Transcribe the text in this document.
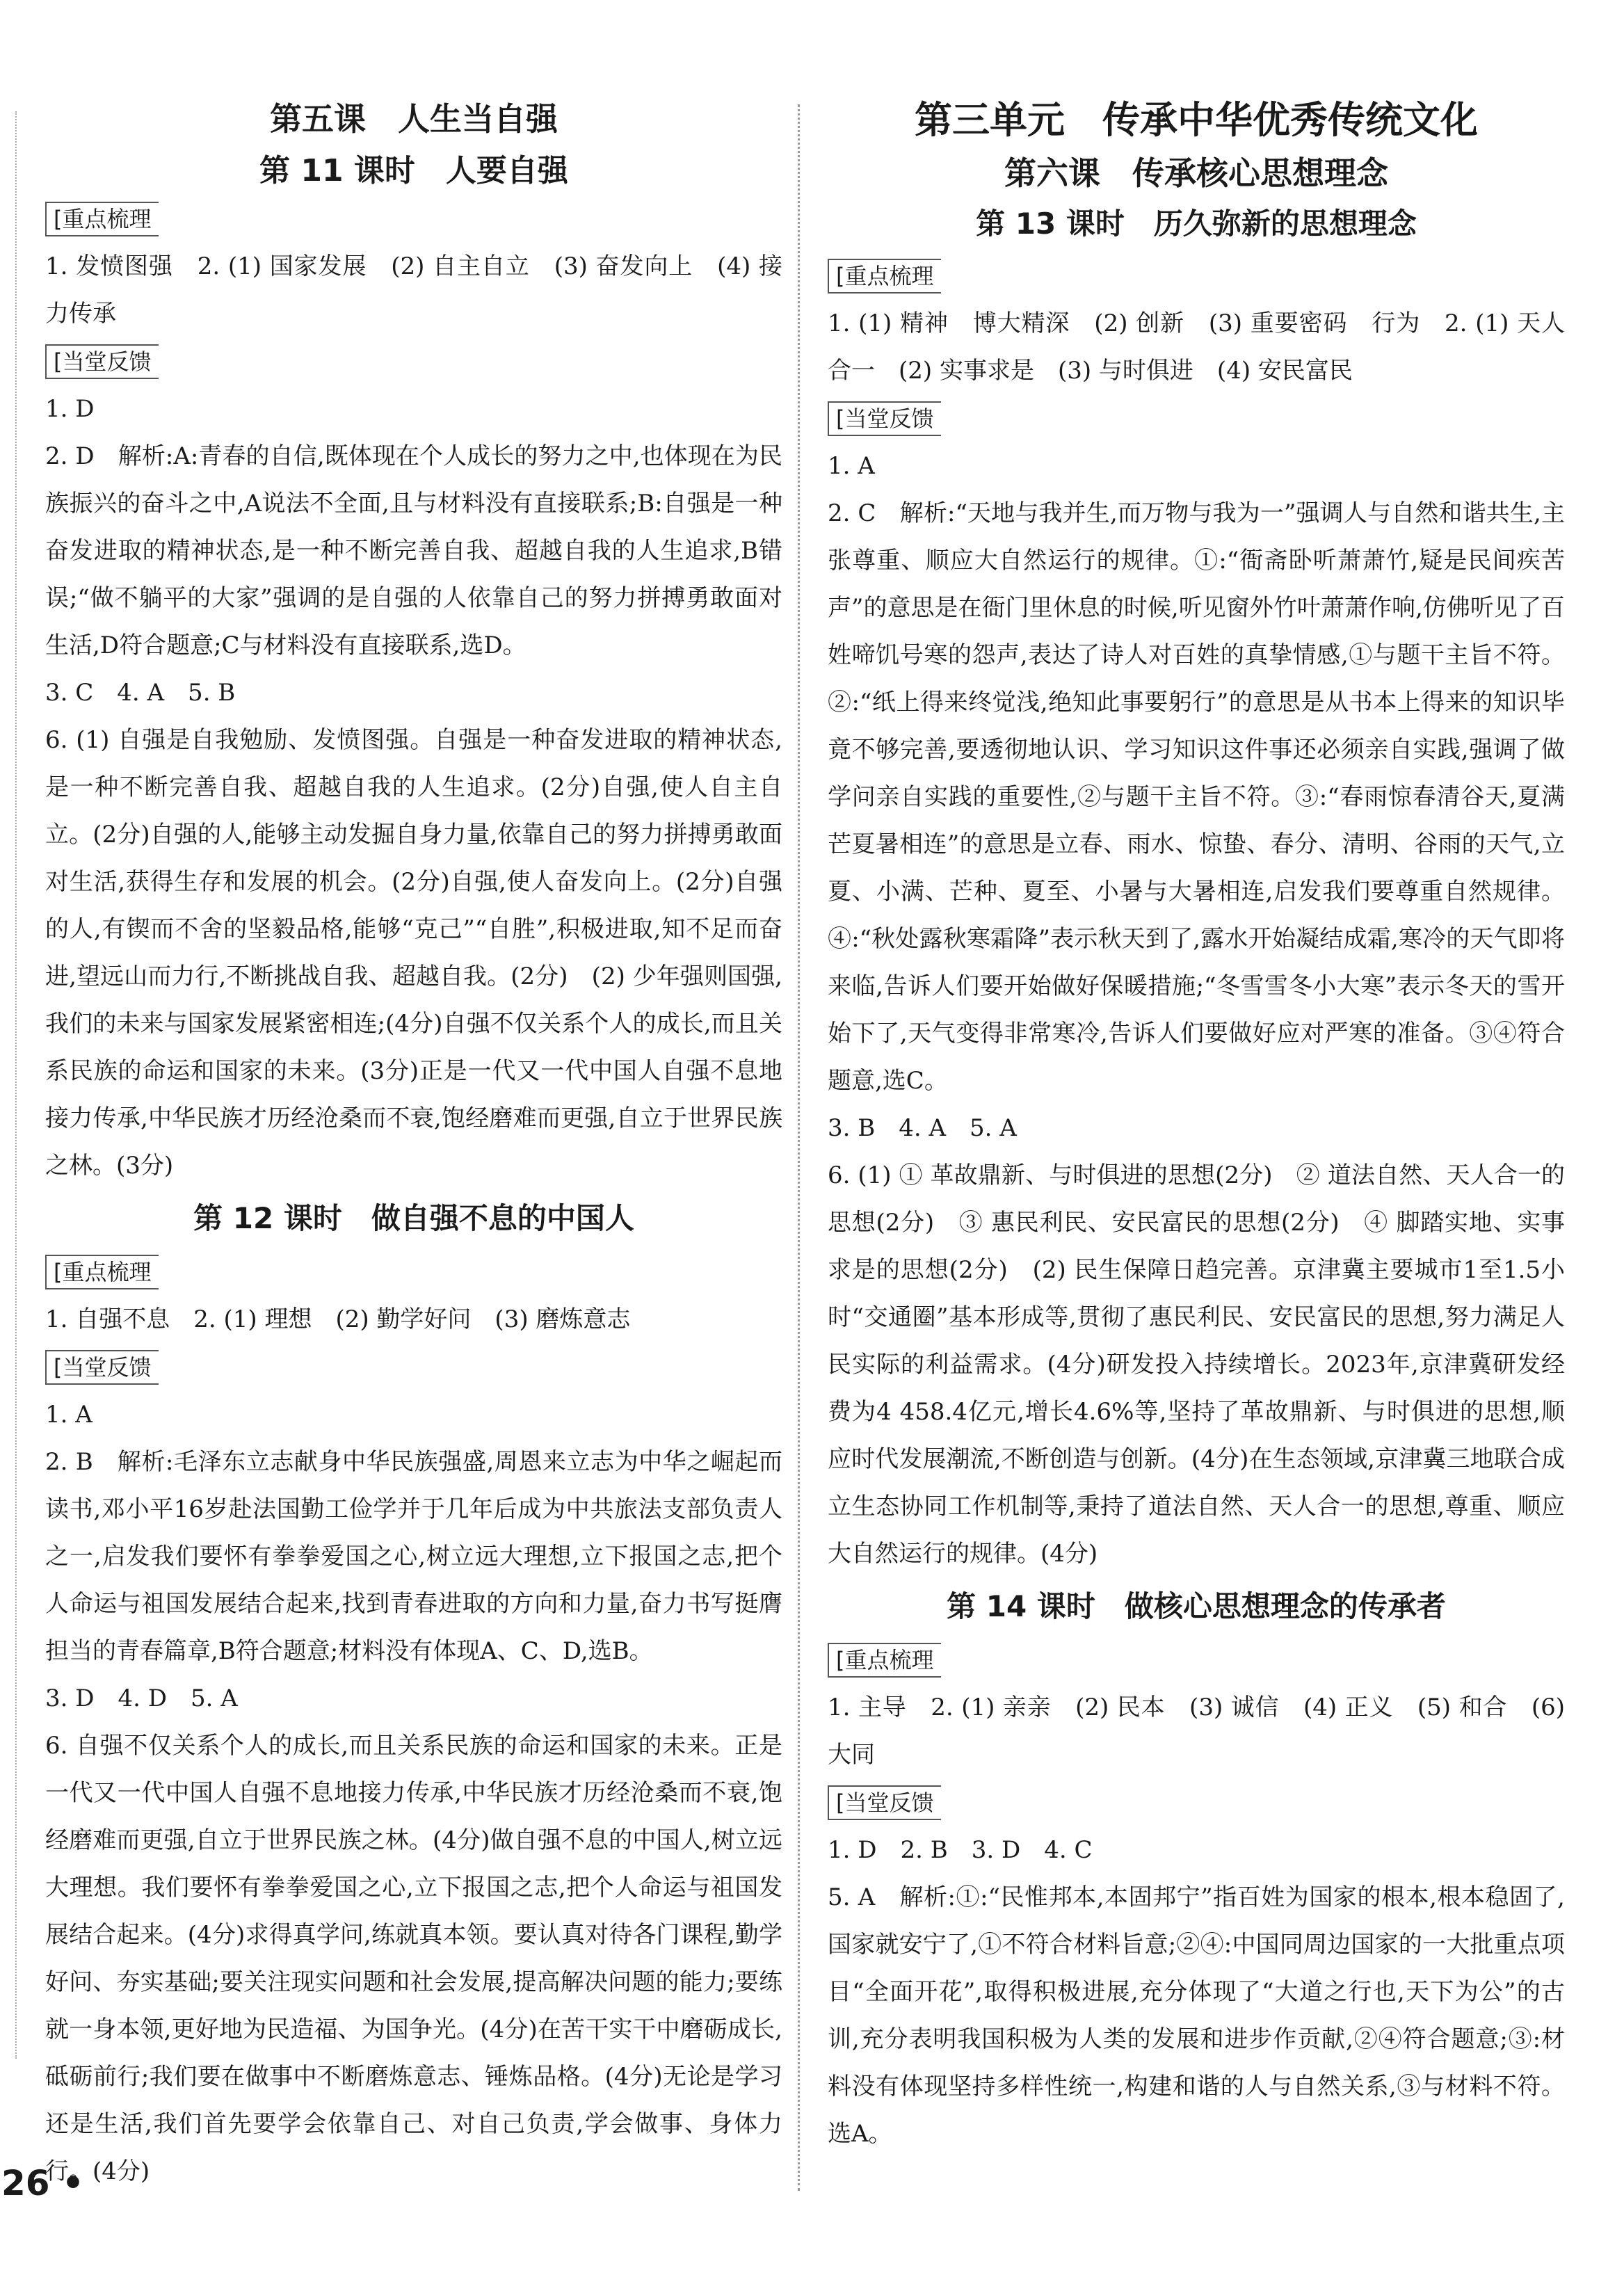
第五课　人生当自强
第 11 课时　人要自强
[重点梳理

1. 发愤图强　2. (1) 国家发展　(2) 自主自立　(3) 奋发向上　(4) 接力传承

[当堂反馈

1. D

2. D　解析:A:青春的自信,既体现在个人成长的努力之中,也体现在为民族振兴的奋斗之中,A说法不全面,且与材料没有直接联系;B:自强是一种奋发进取的精神状态,是一种不断完善自我、超越自我的人生追求,B错误;“做不躺平的大家”强调的是自强的人依靠自己的努力拼搏勇敢面对生活,D符合题意;C与材料没有直接联系,选D。

3. C　4. A　5. B

6. (1) 自强是自我勉励、发愤图强。自强是一种奋发进取的精神状态,是一种不断完善自我、超越自我的人生追求。(2分)自强,使人自主自立。(2分)自强的人,能够主动发掘自身力量,依靠自己的努力拼搏勇敢面对生活,获得生存和发展的机会。(2分)自强,使人奋发向上。(2分)自强的人,有锲而不舍的坚毅品格,能够“克己”“自胜”,积极进取,知不足而奋进,望远山而力行,不断挑战自我、超越自我。(2分)　(2) 少年强则国强,我们的未来与国家发展紧密相连;(4分)自强不仅关系个人的成长,而且关系民族的命运和国家的未来。(3分)正是一代又一代中国人自强不息地接力传承,中华民族才历经沧桑而不衰,饱经磨难而更强,自立于世界民族之林。(3分)

第 12 课时　做自强不息的中国人
[重点梳理

1. 自强不息　2. (1) 理想　(2) 勤学好问　(3) 磨炼意志

[当堂反馈

1. A

2. B　解析:毛泽东立志献身中华民族强盛,周恩来立志为中华之崛起而读书,邓小平16岁赴法国勤工俭学并于几年后成为中共旅法支部负责人之一,启发我们要怀有拳拳爱国之心,树立远大理想,立下报国之志,把个人命运与祖国发展结合起来,找到青春进取的方向和力量,奋力书写挺膺担当的青春篇章,B符合题意;材料没有体现A、C、D,选B。

3. D　4. D　5. A

6. 自强不仅关系个人的成长,而且关系民族的命运和国家的未来。正是一代又一代中国人自强不息地接力传承,中华民族才历经沧桑而不衰,饱经磨难而更强,自立于世界民族之林。(4分)做自强不息的中国人,树立远大理想。我们要怀有拳拳爱国之心,立下报国之志,把个人命运与祖国发展结合起来。(4分)求得真学问,练就真本领。要认真对待各门课程,勤学好问、夯实基础;要关注现实问题和社会发展,提高解决问题的能力;要练就一身本领,更好地为民造福、为国争光。(4分)在苦干实干中磨砺成长,砥砺前行;我们要在做事中不断磨炼意志、锤炼品格。(4分)无论是学习还是生活,我们首先要学会依靠自己、对自己负责,学会做事、身体力行。(4分)

第三单元　传承中华优秀传统文化
第六课　传承核心思想理念
第 13 课时　历久弥新的思想理念
[重点梳理

1. (1) 精神　博大精深　(2) 创新　(3) 重要密码　行为　2. (1) 天人合一　(2) 实事求是　(3) 与时俱进　(4) 安民富民

[当堂反馈

1. A

2. C　解析:“天地与我并生,而万物与我为一”强调人与自然和谐共生,主张尊重、顺应大自然运行的规律。①:“衙斋卧听萧萧竹,疑是民间疾苦声”的意思是在衙门里休息的时候,听见窗外竹叶萧萧作响,仿佛听见了百姓啼饥号寒的怨声,表达了诗人对百姓的真挚情感,①与题干主旨不符。②:“纸上得来终觉浅,绝知此事要躬行”的意思是从书本上得来的知识毕竟不够完善,要透彻地认识、学习知识这件事还必须亲自实践,强调了做学问亲自实践的重要性,②与题干主旨不符。③:“春雨惊春清谷天,夏满芒夏暑相连”的意思是立春、雨水、惊蛰、春分、清明、谷雨的天气,立夏、小满、芒种、夏至、小暑与大暑相连,启发我们要尊重自然规律。④:“秋处露秋寒霜降”表示秋天到了,露水开始凝结成霜,寒冷的天气即将来临,告诉人们要开始做好保暖措施;“冬雪雪冬小大寒”表示冬天的雪开始下了,天气变得非常寒冷,告诉人们要做好应对严寒的准备。③④符合题意,选C。

3. B　4. A　5. A

6. (1) ① 革故鼎新、与时俱进的思想(2分)　② 道法自然、天人合一的思想(2分)　③ 惠民利民、安民富民的思想(2分)　④ 脚踏实地、实事求是的思想(2分)　(2) 民生保障日趋完善。京津冀主要城市1至1.5小时“交通圈”基本形成等,贯彻了惠民利民、安民富民的思想,努力满足人民实际的利益需求。(4分)研发投入持续增长。2023年,京津冀研发经费为4 458.4亿元,增长4.6%等,坚持了革故鼎新、与时俱进的思想,顺应时代发展潮流,不断创造与创新。(4分)在生态领域,京津冀三地联合成立生态协同工作机制等,秉持了道法自然、天人合一的思想,尊重、顺应大自然运行的规律。(4分)

第 14 课时　做核心思想理念的传承者
[重点梳理

1. 主导　2. (1) 亲亲　(2) 民本　(3) 诚信　(4) 正义　(5) 和合　(6) 大同

[当堂反馈

1. D　2. B　3. D　4. C

5. A　解析:①:“民惟邦本,本固邦宁”指百姓为国家的根本,根本稳固了,国家就安宁了,①不符合材料旨意;②④:中国同周边国家的一大批重点项目“全面开花”,取得积极进展,充分体现了“大道之行也,天下为公”的古训,充分表明我国积极为人类的发展和进步作贡献,②④符合题意;③:材料没有体现坚持多样性统一,构建和谐的人与自然关系,③与材料不符。选A。

26 •
